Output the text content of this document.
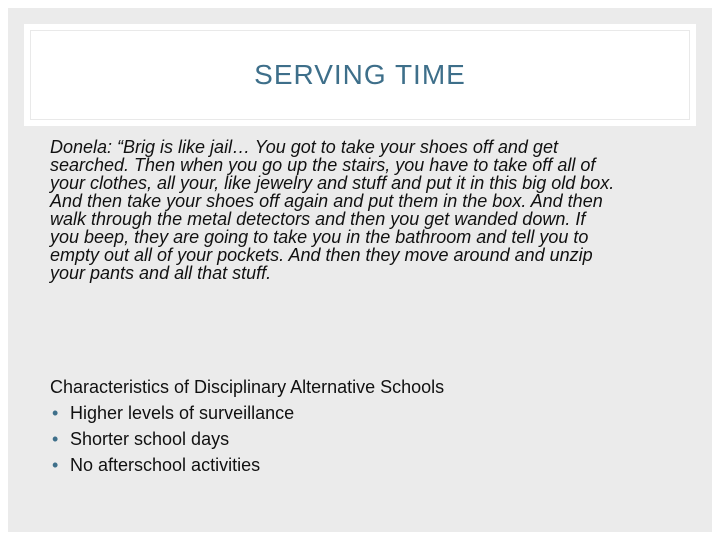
SERVING TIME
Donela: “Brig is like jail… You got to take your shoes off and get
searched. Then when you go up the stairs, you have to take off all of
your clothes, all your, like jewelry and stuff and put it in this big old box.
And then take your shoes off again and put them in the box. And then
walk through the metal detectors and then you get wanded down. If
you beep, they are going to take you in the bathroom and tell you to
empty out all of your pockets. And then they move around and unzip
your pants and all that stuff.
Characteristics of Disciplinary Alternative Schools
• Higher levels of surveillance
• Shorter school days
• No afterschool activities
